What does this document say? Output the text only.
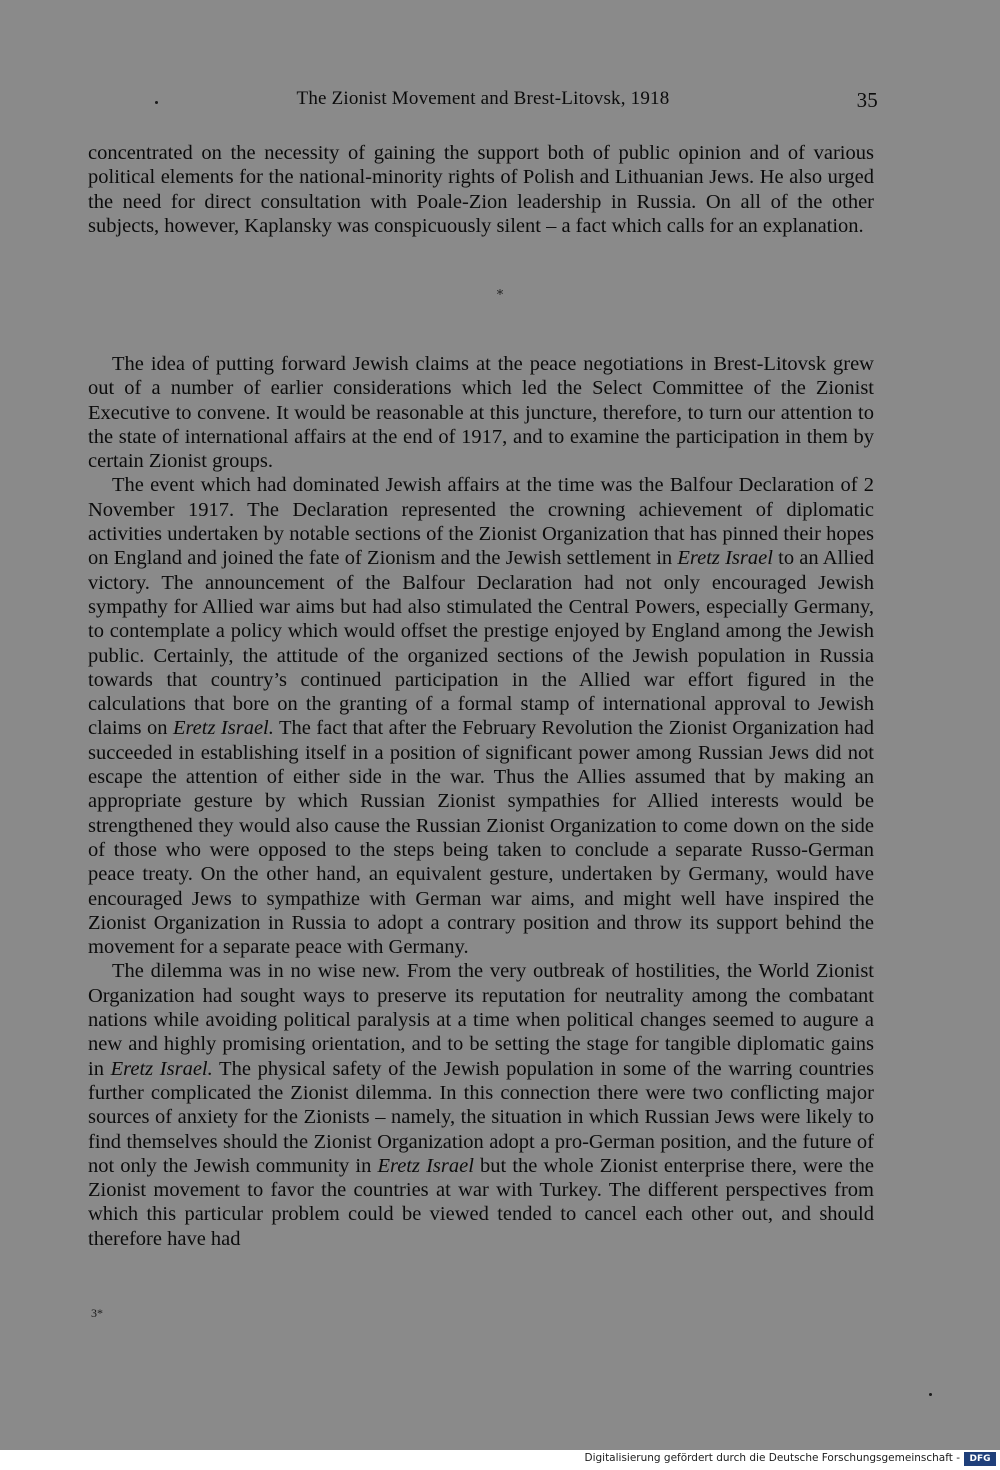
The Zionist Movement and Brest-Litovsk, 1918	35

concentrated on the necessity of gaining the support both of public opinion and of various political elements for the national-minority rights of Polish and Lithuanian Jews. He also urged the need for direct consultation with Poale-Zion leadership in Russia. On all of the other subjects, however, Kaplansky was conspicuously silent – a fact which calls for an explanation.

*

The idea of putting forward Jewish claims at the peace negotiations in Brest-Litovsk grew out of a number of earlier considerations which led the Select Committee of the Zionist Executive to convene. It would be reasonable at this juncture, therefore, to turn our attention to the state of international affairs at the end of 1917, and to examine the participation in them by certain Zionist groups.

The event which had dominated Jewish affairs at the time was the Balfour Declaration of 2 November 1917. The Declaration represented the crowning achievement of diplomatic activities undertaken by notable sections of the Zionist Organization that has pinned their hopes on England and joined the fate of Zionism and the Jewish settlement in Eretz Israel to an Allied victory. The announcement of the Balfour Declaration had not only encouraged Jewish sympathy for Allied war aims but had also stimulated the Central Powers, especially Germany, to contemplate a policy which would offset the prestige enjoyed by England among the Jewish public. Certainly, the attitude of the organized sections of the Jewish population in Russia towards that country’s continued participation in the Allied war effort figured in the calculations that bore on the granting of a formal stamp of international approval to Jewish claims on Eretz Israel. The fact that after the February Revolution the Zionist Organization had succeeded in establishing itself in a position of significant power among Russian Jews did not escape the attention of either side in the war. Thus the Allies assumed that by making an appropriate gesture by which Russian Zionist sympathies for Allied interests would be strengthened they would also cause the Russian Zionist Organization to come down on the side of those who were opposed to the steps being taken to conclude a separate Russo-German peace treaty. On the other hand, an equivalent gesture, undertaken by Germany, would have encouraged Jews to sympathize with German war aims, and might well have inspired the Zionist Organization in Russia to adopt a contrary position and throw its support behind the movement for a separate peace with Germany.

The dilemma was in no wise new. From the very outbreak of hostilities, the World Zionist Organization had sought ways to preserve its reputation for neutrality among the combatant nations while avoiding political paralysis at a time when political changes seemed to augure a new and highly promising orientation, and to be setting the stage for tangible diplomatic gains in Eretz Israel. The physical safety of the Jewish population in some of the warring countries further complicated the Zionist dilemma. In this connection there were two conflicting major sources of anxiety for the Zionists – namely, the situation in which Russian Jews were likely to find themselves should the Zionist Organization adopt a pro-German position, and the future of not only the Jewish community in Eretz Israel but the whole Zionist enterprise there, were the Zionist movement to favor the countries at war with Turkey. The different perspectives from which this particular problem could be viewed tended to cancel each other out, and should therefore have had

3*
Digitalisierung gefördert durch die Deutsche Forschungsgemeinschaft -	DFG
